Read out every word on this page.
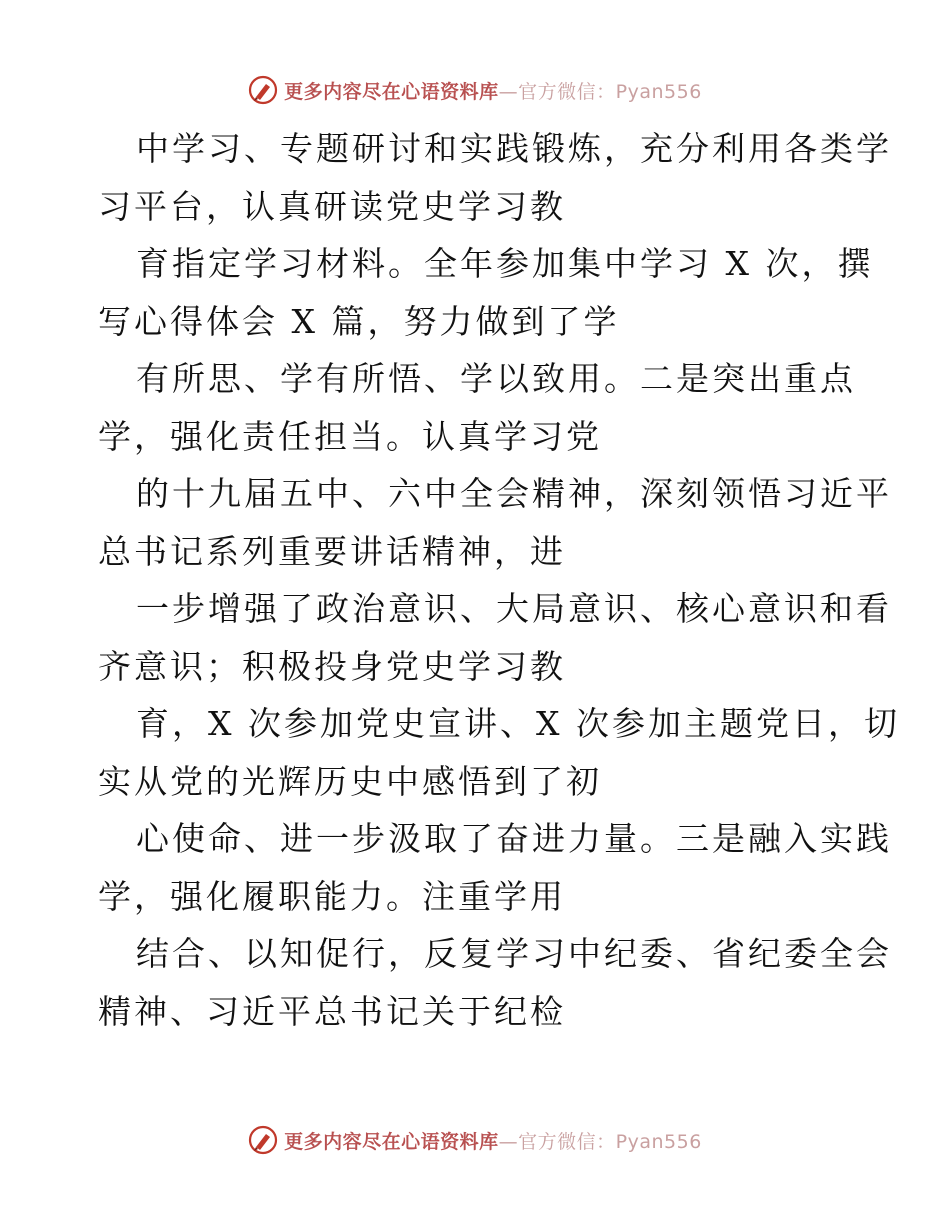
更多内容尽在心语资料库—官方微信：Pyan556
中学习、专题研讨和实践锻炼，充分利用各类学
习平台，认真研读党史学习教
育指定学习材料。全年参加集中学习 X 次，撰
写心得体会 X 篇，努力做到了学
有所思、学有所悟、学以致用。二是突出重点
学，强化责任担当。认真学习党
的十九届五中、六中全会精神，深刻领悟习近平
总书记系列重要讲话精神，进
一步增强了政治意识、大局意识、核心意识和看
齐意识；积极投身党史学习教
育，X 次参加党史宣讲、X 次参加主题党日，切
实从党的光辉历史中感悟到了初
心使命、进一步汲取了奋进力量。三是融入实践
学，强化履职能力。注重学用
结合、以知促行，反复学习中纪委、省纪委全会
精神、习近平总书记关于纪检
更多内容尽在心语资料库—官方微信：Pyan556
